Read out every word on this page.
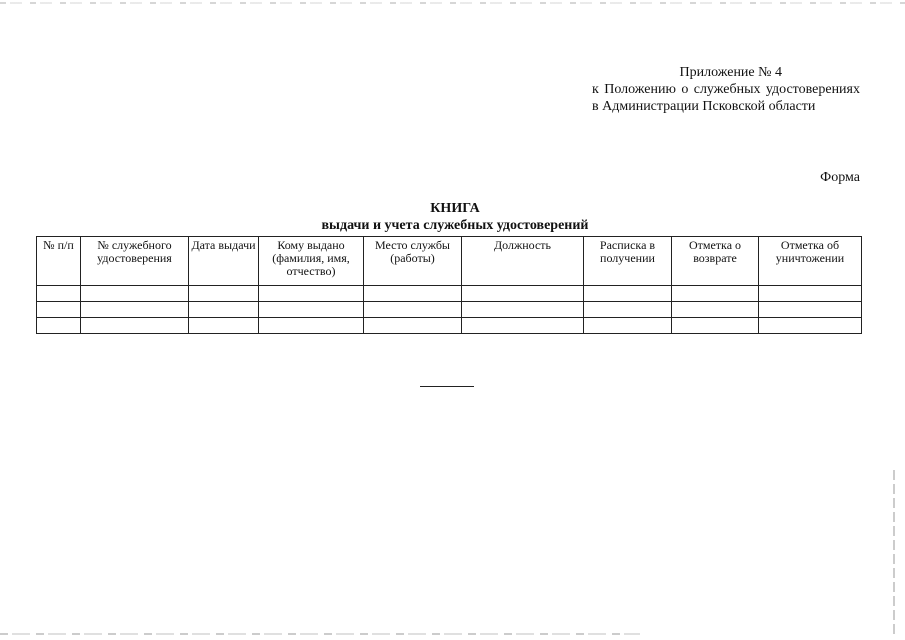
Приложение № 4
к Положению о служебных удостоверениях в Администрации Псковской области
Форма
КНИГА
выдачи и учета служебных удостоверений
№ п/п	№ служебного удостоверения	Дата выдачи	Кому выдано (фамилия, имя, отчество)	Место службы (работы)	Должность	Расписка в получении	Отметка о возврате	Отметка об уничтожении
